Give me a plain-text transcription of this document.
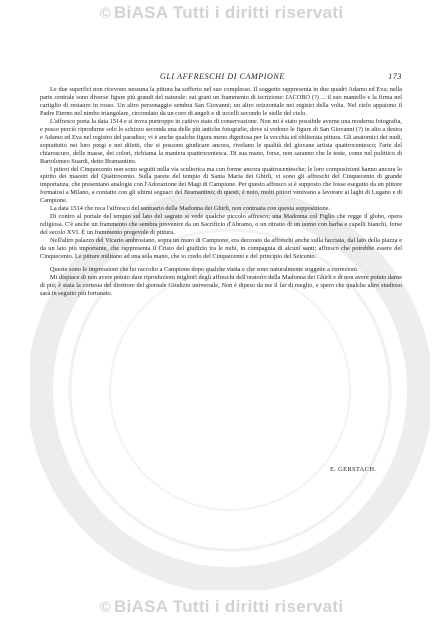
© BiASA Tutti i diritti riservati
GLI AFFRESCHI DI CAMPIONE	173

Le due superfici non ricevono nessuna la pittura ha sofferto nel suo complesso. Il soggetto rappresenta in due quadri Adamo ed Eva; nella parte centrale sono diverse figure più grandi del naturale: sui grani un frammento di iscrizione: IACOBO (?) ... il suo mantello e la firma nel cartiglio di restauro in rosso. Un altro personaggio sembra San Giovanni; un altro orizzontale nei registri della volta. Nel cielo appaiono il Padre Eterno nel nimbo triangolare, circondato da un coro di angeli e di uccelli secondo le stelle del cielo.

L'affresco porta la data 1514 e si trova purtroppo in cattivo stato di conservazione. Non mi è stato possibile averne una moderna fotografia, e posso perciò riprodurne solo lo schizzo seconda una delle più antiche fotografie, dove si vedono le figure di San Giovanni (?) in alto a destra e Adamo ed Eva nel registro del paradiso; vi è anche qualche figura meno dignitosa per la vecchia ed obliterata pittura. Gli anatomici dei nudi, soprattutto nei loro pregi e nei difetti, che si possono giudicare ancora, rivelano le qualità del giovane artista quattrocentesco; l'arte del chiaroscuro, delle masse, dei colori, richiama la maniera quattrocentesca. Di sua mano, forse, non saranno che le teste, come nel polittico di Bartolomeo Suardi, detto Bramantino.

I pittori del Cinquecento non sono seguiti nella via scultorica ma con forme ancora quattrocentesche; le loro composizioni hanno ancora lo spirito dei maestri del Quattrocento. Sulla parete del tempio di Santa Maria dei Ghirli, vi sono gli affreschi del Cinquecento di grande importanza, che presentano analogie con l'Adorazione dei Magi di Campione. Per questo affresco si è supposto che fosse eseguito da un pittore formatosi a Milano, a contatto con gli ultimi seguaci del Bramantino; di questi, è noto, molti pittori venivano a lavorare ai laghi di Lugano e di Campione.

La data 1514 che reca l'affresco del santuario della Madonna dei Ghirli, non contrasta con questa supposizione.

Di contro al portale del tempio sul lato del sagrato si vede qualche piccolo affresco; una Madonna col Figlio che regge il globo, opera religiosa. C'è anche un frammento che sembra provenire da un Sacrificio d'Abramo, o un ritratto di un uomo con barba e capelli bianchi, forse del secolo XVI. È un frammento pregevole di pittura.

Nell'altro palazzo del Vicario ambrosiano, sopra un muro di Campione, era decorato da affreschi anche sulla facciata, dal lato della piazza e da un lato più importante, che rappresenta il Cristo del giudizio tra le nubi, in compagnia di alcuni santi; affresco che potrebbe essere del Cinquecento. Le pitture militano ad una sola mano, che io credo del Cinquecento e del principio del Seicento.

Queste sono le impressioni che ho raccolto a Campione dopo qualche visita e che sono naturalmente soggette a correzioni.

Mi dispiace di non avere potuto dare riproduzioni migliori degli affreschi dell'oratorio della Madonna dei Ghirli e di non avere potuto darne di più; è stata la cortesia del direttore del giornale Giudizio universale, Non è dipeso da me il far di meglio, e spero che qualche altro studioso sarà in seguito più fortunato.

E. GERSTACH.
© BiASA Tutti i diritti riservati
